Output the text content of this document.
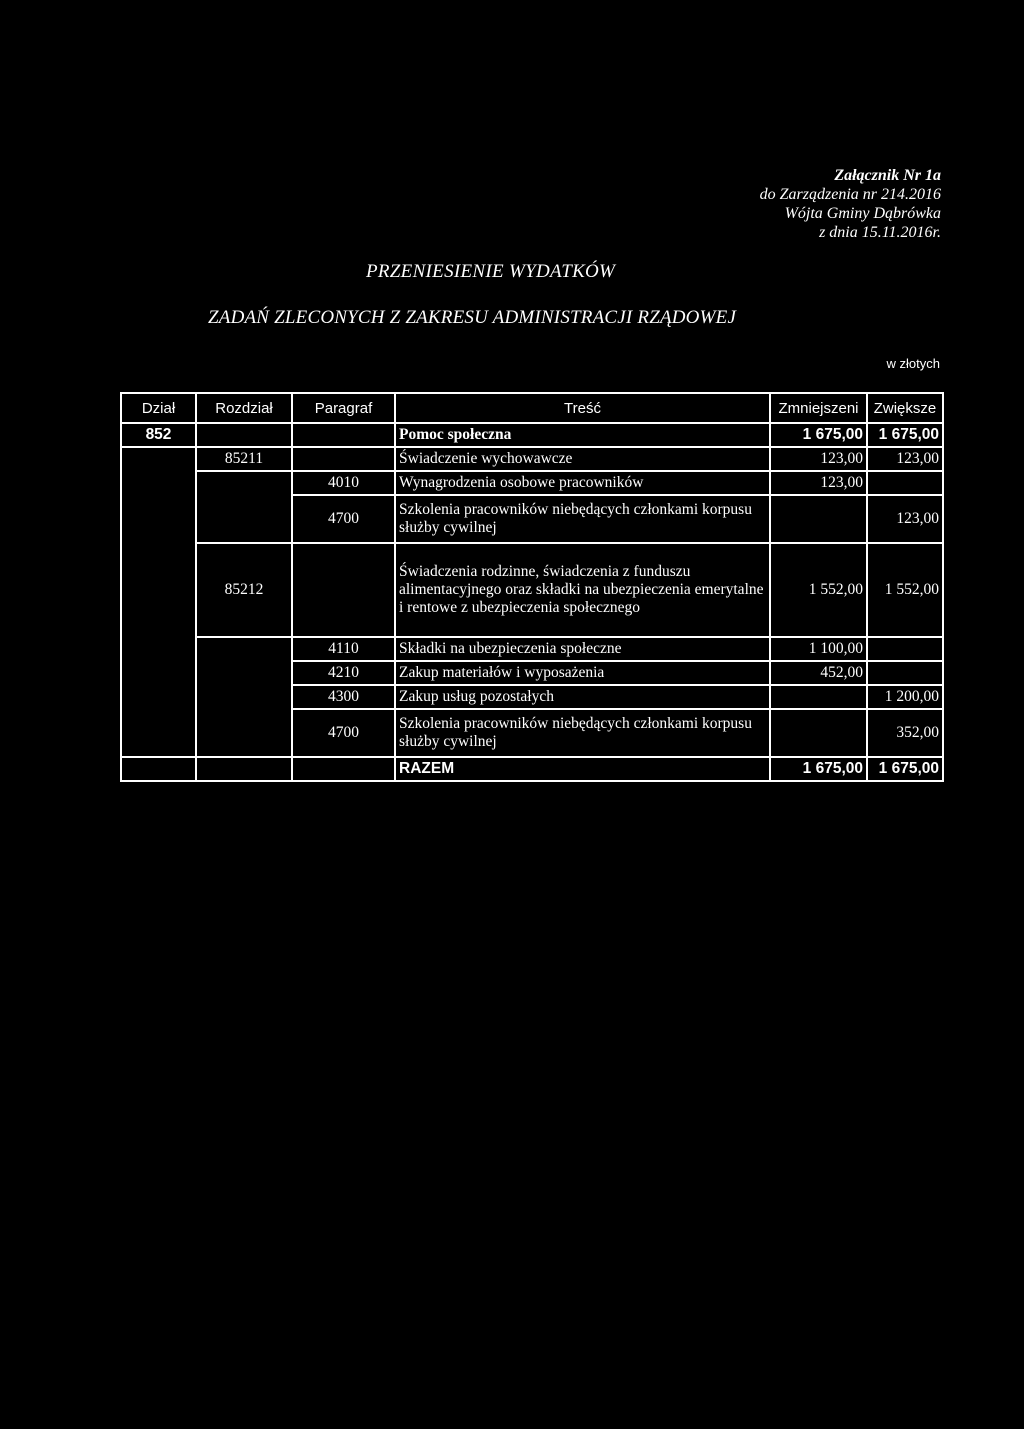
Załącznik Nr 1a
do Zarządzenia nr 214.2016
Wójta Gminy Dąbrówka
z dnia 15.11.2016r.
PRZENIESIENIE WYDATKÓW
ZADAŃ ZLECONYCH Z ZAKRESU ADMINISTRACJI RZĄDOWEJ
w złotych
Dział	Rozdział	Paragraf	Treść	Zmniejszeni	Zwiększe
852			Pomoc społeczna	1 675,00	1 675,00
	85211		Świadczenie wychowawcze	123,00	123,00
		4010	Wynagrodzenia osobowe pracowników	123,00	
		4700	Szkolenia pracowników niebędących członkami korpusu służby cywilnej		123,00
	85212		Świadczenia rodzinne, świadczenia z funduszu alimentacyjnego oraz składki na ubezpieczenia emerytalne i rentowe z ubezpieczenia społecznego	1 552,00	1 552,00
		4110	Składki na ubezpieczenia społeczne	1 100,00	
		4210	Zakup materiałów i wyposażenia	452,00	
		4300	Zakup usług pozostałych		1 200,00
		4700	Szkolenia pracowników niebędących członkami korpusu służby cywilnej		352,00
			RAZEM	1 675,00	1 675,00
